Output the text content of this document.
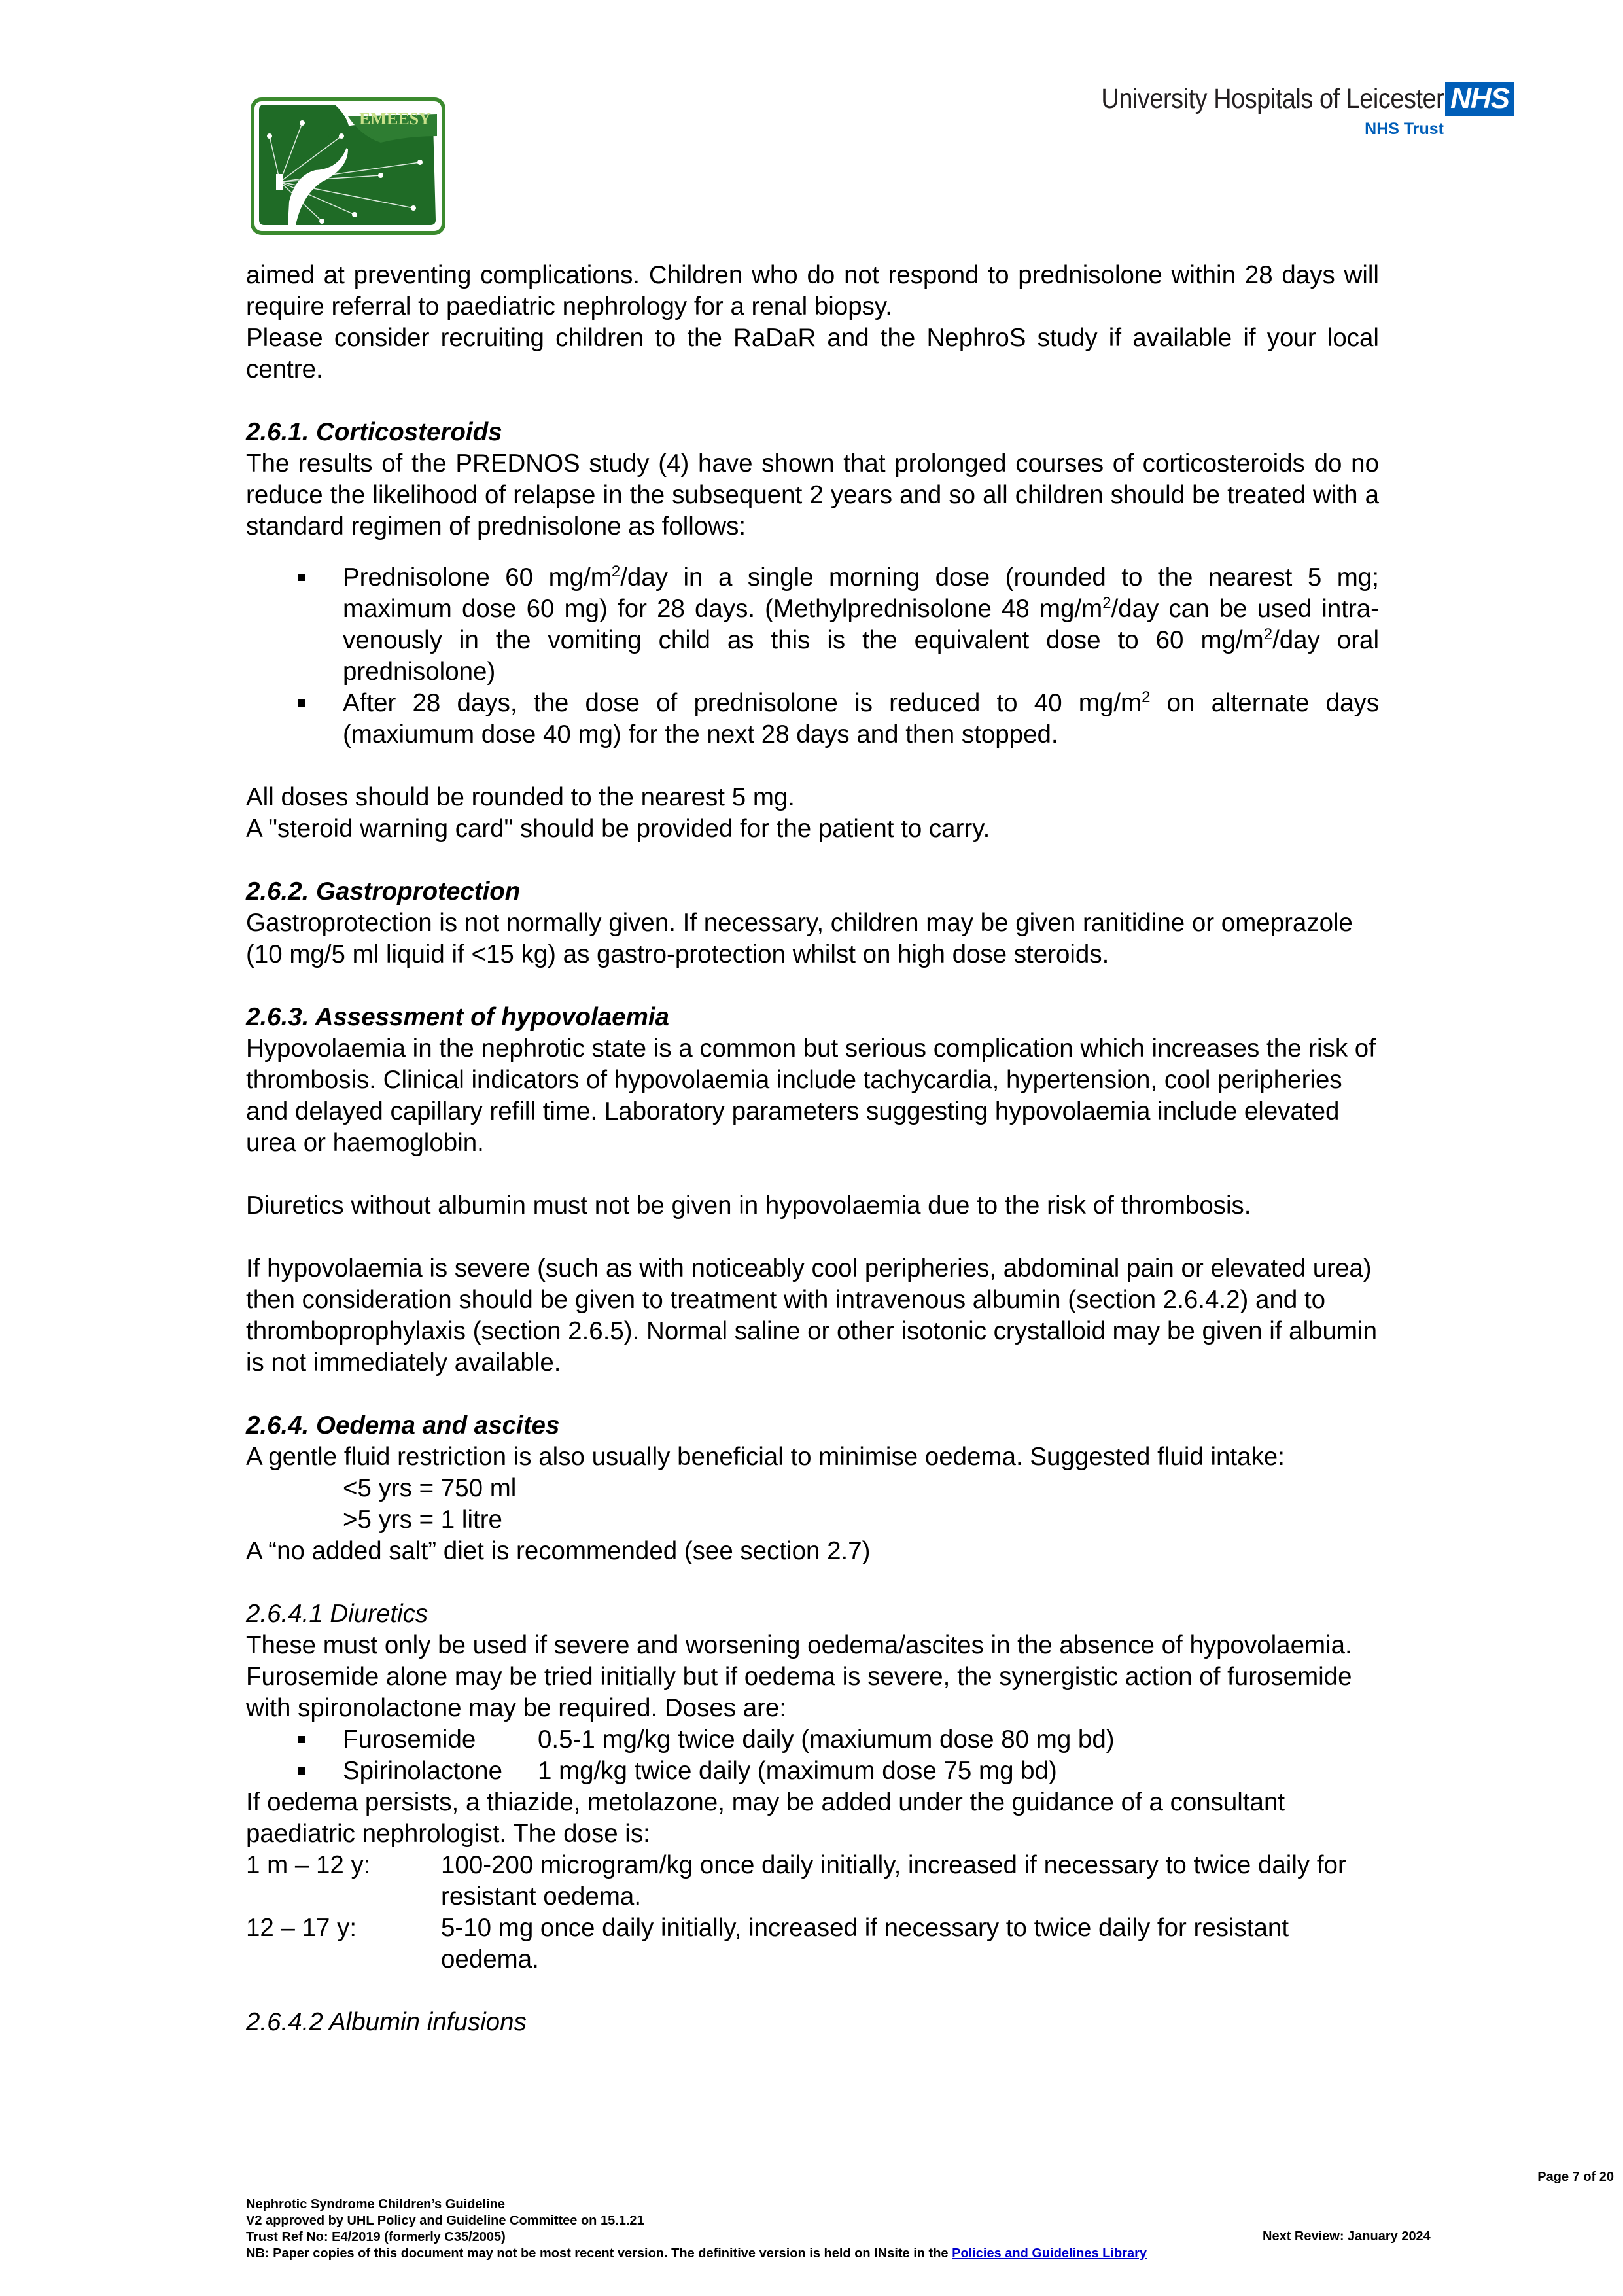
EMEESY
University Hospitals of Leicester NHS
NHS Trust

aimed at preventing complications. Children who do not respond to prednisolone within 28 days will require referral to paediatric nephrology for a renal biopsy.

Please consider recruiting children to the RaDaR and the NephroS study if available if your local centre.

2.6.1. Corticosteroids

The results of the PREDNOS study (4) have shown that prolonged courses of corticosteroids do no reduce the likelihood of relapse in the subsequent 2 years and so all children should be treated with a standard regimen of prednisolone as follows:

Prednisolone 60 $mg/m^2$/day in a single morning dose (rounded to the nearest 5 mg; maximum dose 60 mg) for 28 days. (Methylprednisolone 48 $mg/m^2$/day can be used intra-venously in the vomiting child as this is the equivalent dose to 60 $mg/m^2$/day oral prednisolone)
After 28 days, the dose of prednisolone is reduced to 40 $mg/m^2$ on alternate days (maxiumum dose 40 mg) for the next 28 days and then stopped.

All doses should be rounded to the nearest 5 mg.

A "steroid warning card" should be provided for the patient to carry.

2.6.2. Gastroprotection

Gastroprotection is not normally given. If necessary, children may be given ranitidine or omeprazole (10 mg/5 ml liquid if <15 kg) as gastro-protection whilst on high dose steroids.

2.6.3. Assessment of hypovolaemia

Hypovolaemia in the nephrotic state is a common but serious complication which increases the risk of thrombosis. Clinical indicators of hypovolaemia include tachycardia, hypertension, cool peripheries and delayed capillary refill time. Laboratory parameters suggesting hypovolaemia include elevated urea or haemoglobin.

Diuretics without albumin must not be given in hypovolaemia due to the risk of thrombosis.

If hypovolaemia is severe (such as with noticeably cool peripheries, abdominal pain or elevated urea) then consideration should be given to treatment with intravenous albumin (section 2.6.4.2) and to thromboprophylaxis (section 2.6.5). Normal saline or other isotonic crystalloid may be given if albumin is not immediately available.

2.6.4. Oedema and ascites

A gentle fluid restriction is also usually beneficial to minimise oedema. Suggested fluid intake:

<5 yrs = 750 ml

>5 yrs = 1 litre

A “no added salt” diet is recommended (see section 2.7)

2.6.4.1 Diuretics

These must only be used if severe and worsening oedema/ascites in the absence of hypovolaemia. Furosemide alone may be tried initially but if oedema is severe, the synergistic action of furosemide with spironolactone may be required. Doses are:

Furosemide 0.5-1 mg/kg twice daily (maxiumum dose 80 mg bd)
Spirinolactone 1 mg/kg twice daily (maximum dose 75 mg bd)

If oedema persists, a thiazide, metolazone, may be added under the guidance of a consultant paediatric nephrologist. The dose is:

1 m – 12 y:	100-200 microgram/kg once daily initially, increased if necessary to twice daily for resistant oedema.
12 – 17 y:	5-10 mg once daily initially, increased if necessary to twice daily for resistant oedema.

2.6.4.2 Albumin infusions

Page 7 of 20
Nephrotic Syndrome Children’s Guideline
V2 approved by UHL Policy and Guideline Committee on 15.1.21
Trust Ref No: E4/2019 (formerly C35/2005)
NB: Paper copies of this document may not be most recent version. The definitive version is held on INsite in the Policies and Guidelines Library
Next Review: January 2024
